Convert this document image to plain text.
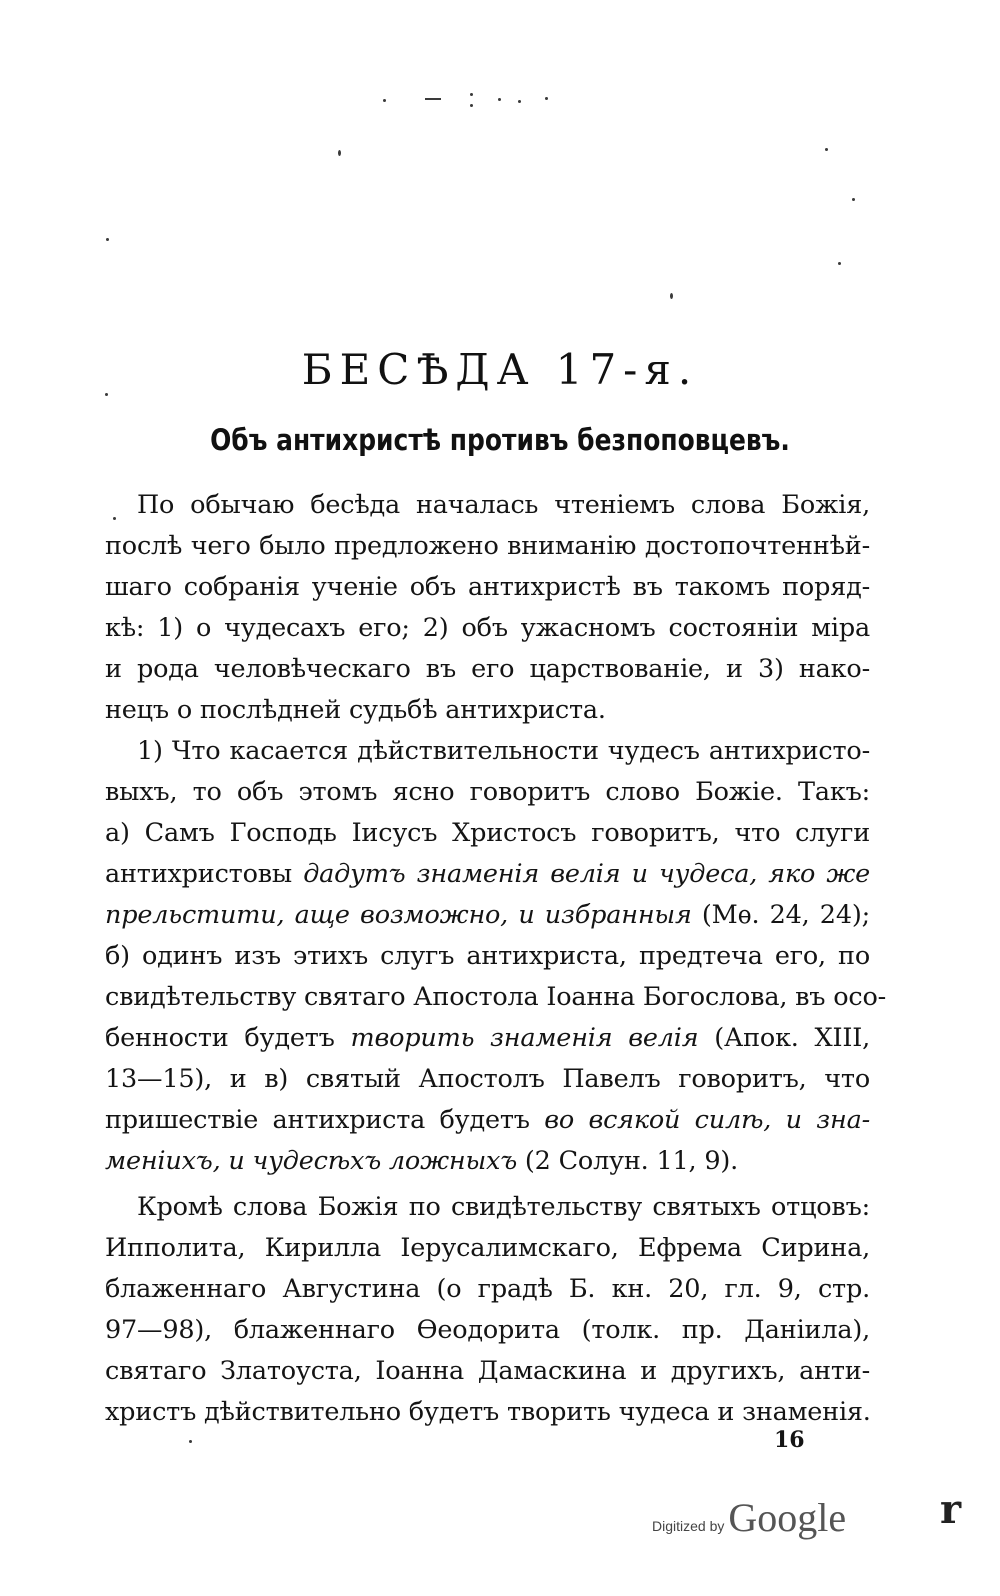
БЕСѢДА 17-я.
Объ антихристѣ противъ безпоповцевъ.
По обычаю бесѣда началась чтеніемъ слова Божія,
послѣ чего было предложено вниманію достопочтеннѣй-
шаго собранія ученіе объ антихристѣ въ такомъ поряд-
кѣ: 1) о чудесахъ его; 2) объ ужасномъ состояніи міра
и рода человѣческаго въ его царствованіе, и 3) нако-
нецъ о послѣдней судьбѣ антихриста.
1) Что касается дѣйствительности чудесъ антихристо-
выхъ, то объ этомъ ясно говоритъ слово Божіе. Такъ:
а) Самъ Господь Іисусъ Христосъ говоритъ, что слуги
антихристовы дадутъ знаменія велія и чудеса, яко же
прельстити, аще возможно, и избранныя (Мѳ. 24, 24);
б) одинъ изъ этихъ слугъ антихриста, предтеча его, по
свидѣтельству святаго Апостола Іоанна Богослова, въ осо-
бенности будетъ творить знаменія велія (Апок. XIII,
13—15), и в) святый Апостолъ Павелъ говоритъ, что
пришествіе антихриста будетъ во всякой силѣ, и зна-
меніихъ, и чудесѣхъ ложныхъ (2 Солун. 11, 9).
Кромѣ слова Божія по свидѣтельству святыхъ отцовъ:
Ипполита, Кирилла Іерусалимскаго, Ефрема Сирина,
блаженнаго Августина (о градѣ Б. кн. 20, гл. 9, стр.
97—98), блаженнаго Ѳеодорита (толк. пр. Даніила),
святаго Златоуста, Іоанна Дамаскина и другихъ, анти-
христъ дѣйствительно будетъ творить чудеса и знаменія.
16
Digitized by Google r
